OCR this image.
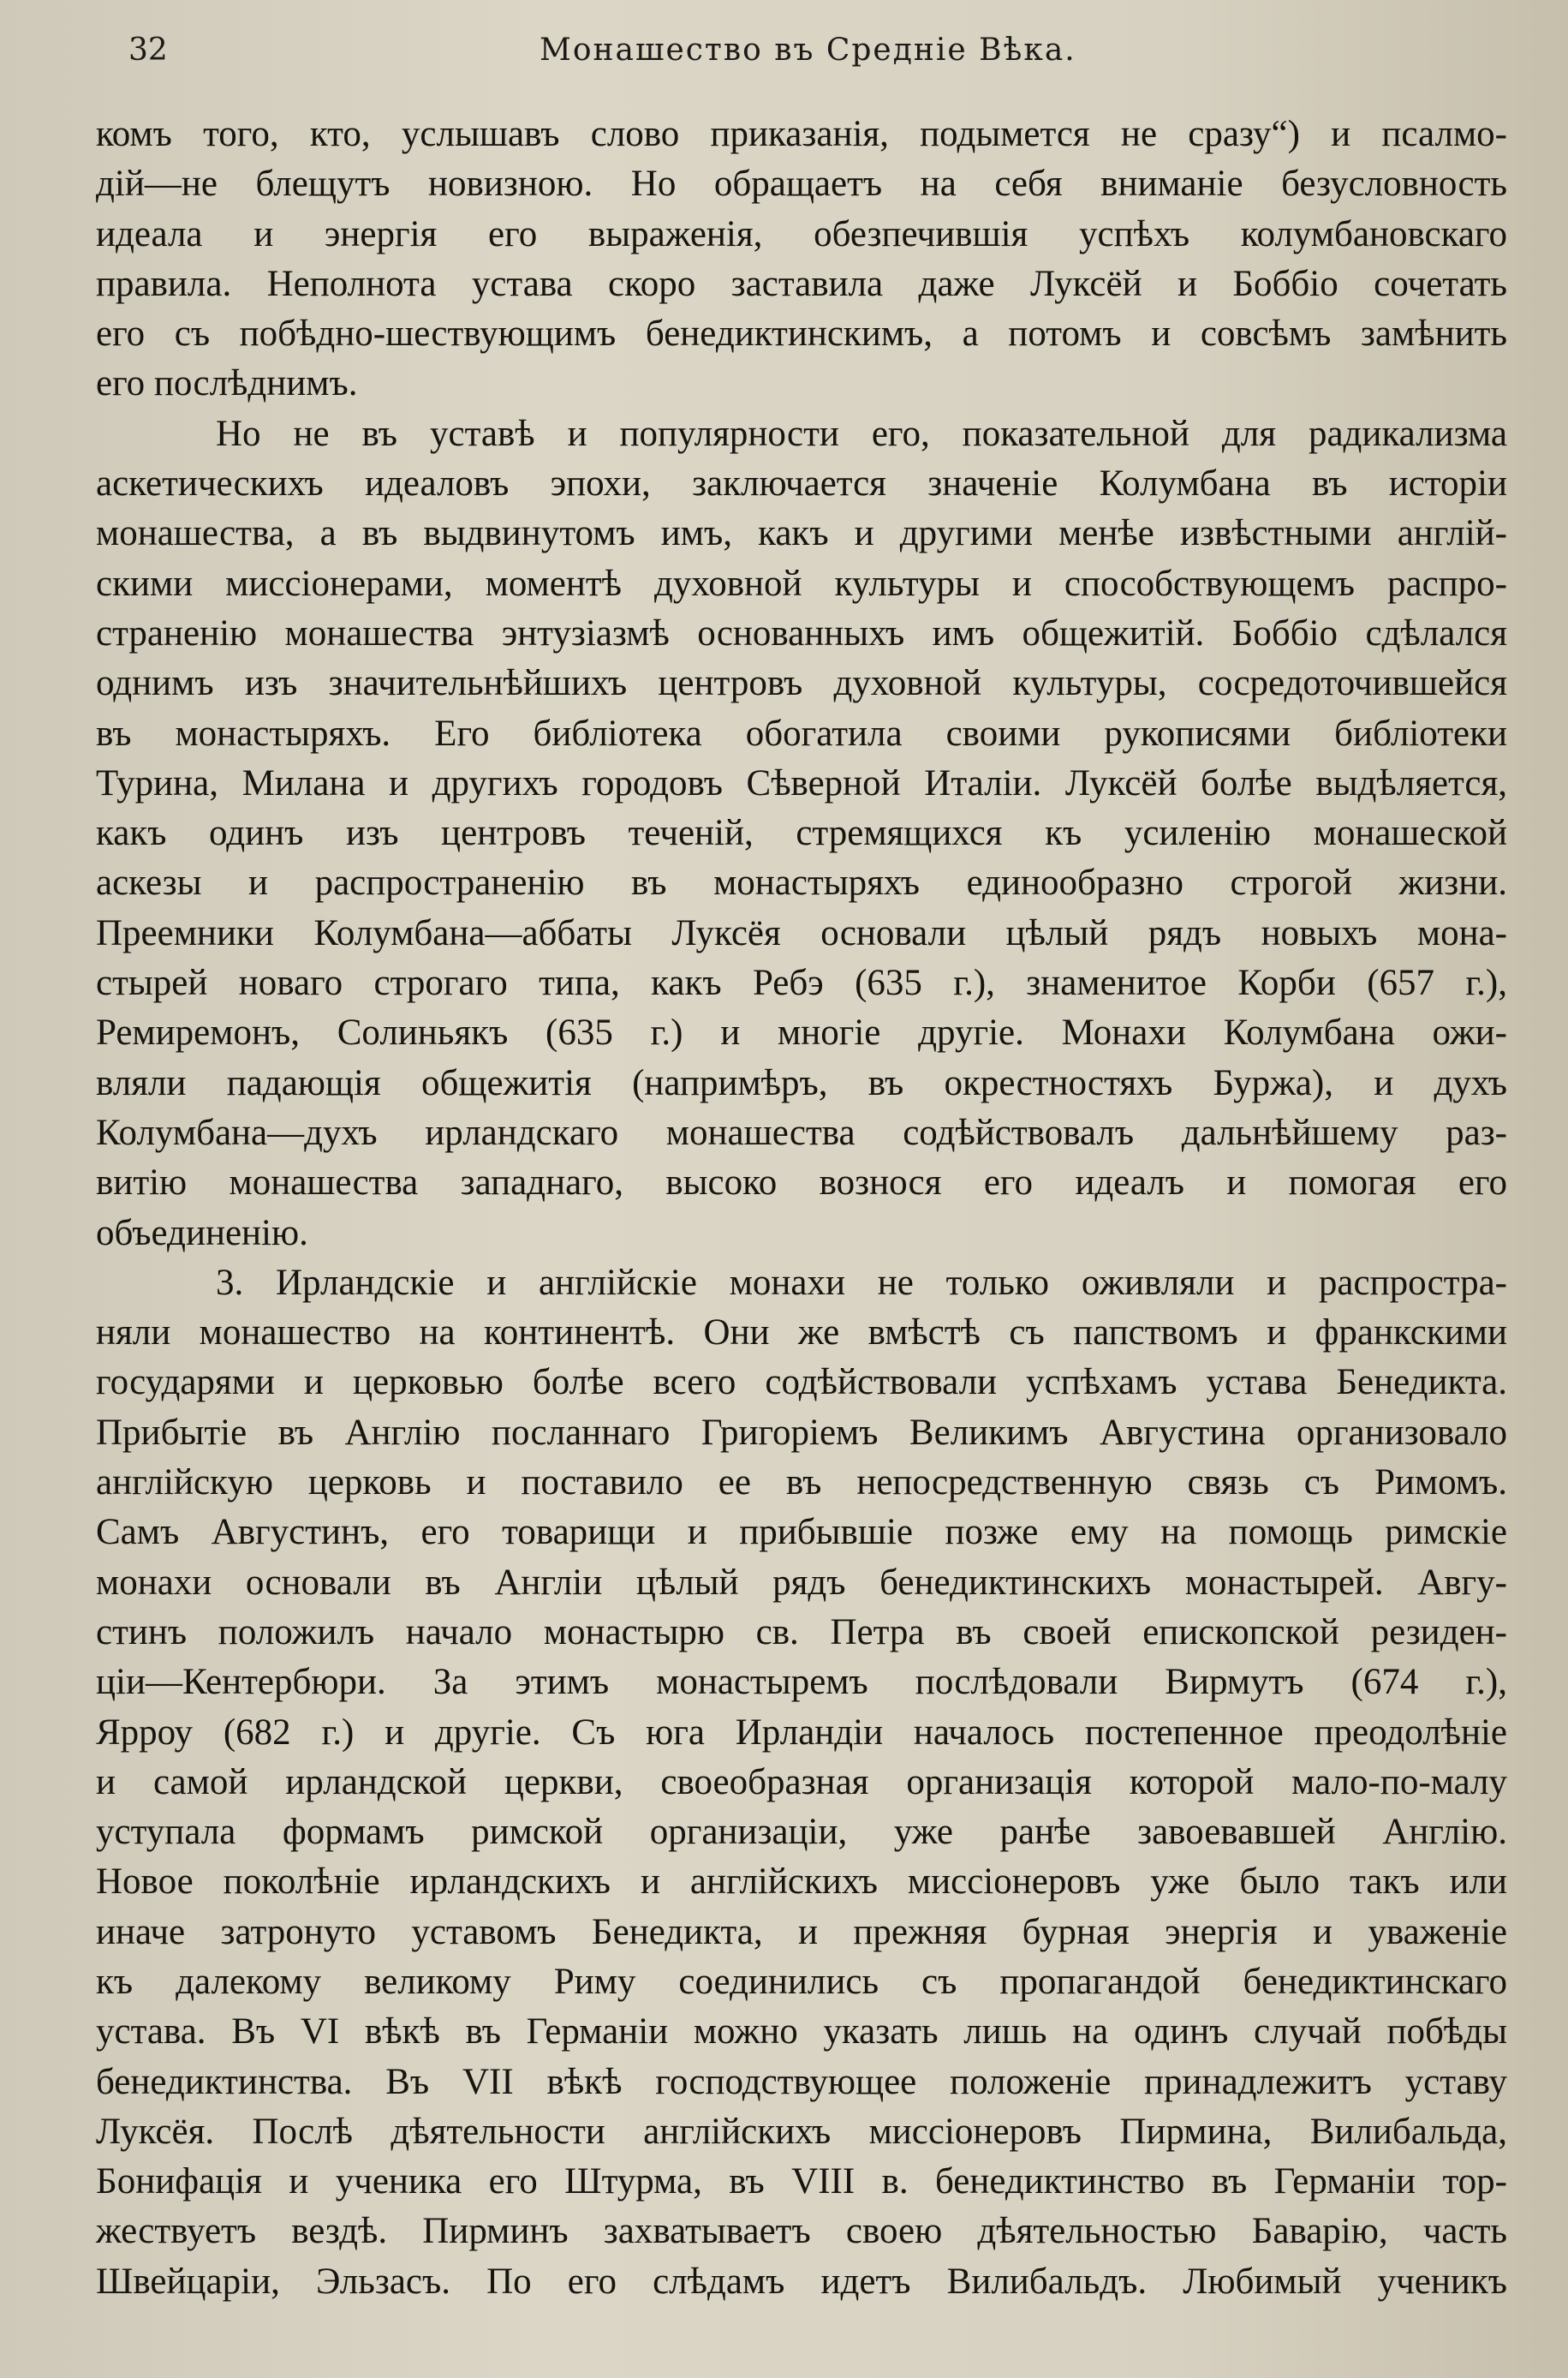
32	Монашество въ Средніе Вѣка.
комъ того, кто, услышавъ слово приказанія, подымется не сразу“) и псалмо-
дій—не блещутъ новизною. Но обращаетъ на себя вниманіе безусловность
идеала и энергія его выраженія, обезпечившія успѣхъ колумбановскаго
правила. Неполнота устава скоро заставила даже Луксёй и Боббіо сочетать
его съ побѣдно-шествующимъ бенедиктинскимъ, а потомъ и совсѣмъ замѣнить
его послѣднимъ.
Но не въ уставѣ и популярности его, показательной для радикализма
аскетическихъ идеаловъ эпохи, заключается значеніе Колумбана въ исторіи
монашества, а въ выдвинутомъ имъ, какъ и другими менѣе извѣстными англій-
скими миссіонерами, моментѣ духовной культуры и способствующемъ распро-
страненію монашества энтузіазмѣ основанныхъ имъ общежитій. Боббіо сдѣлался
однимъ изъ значительнѣйшихъ центровъ духовной культуры, сосредоточившейся
въ монастыряхъ. Его библіотека обогатила своими рукописями библіотеки
Турина, Милана и другихъ городовъ Сѣверной Италіи. Луксёй болѣе выдѣляется,
какъ одинъ изъ центровъ теченій, стремящихся къ усиленію монашеской
аскезы и распространенію въ монастыряхъ единообразно строгой жизни.
Преемники Колумбана—аббаты Луксёя основали цѣлый рядъ новыхъ мона-
стырей новаго строгаго типа, какъ Ребэ (635 г.), знаменитое Корби (657 г.),
Ремиремонъ, Солиньякъ (635 г.) и многіе другіе. Монахи Колумбана ожи-
вляли падающія общежитія (напримѣръ, въ окрестностяхъ Буржа), и духъ
Колумбана—духъ ирландскаго монашества содѣйствовалъ дальнѣйшему раз-
витію монашества западнаго, высоко вознося его идеалъ и помогая его
объединенію.
3. Ирландскіе и англійскіе монахи не только оживляли и распростра-
няли монашество на континентѣ. Они же вмѣстѣ съ папствомъ и франкскими
государями и церковью болѣе всего содѣйствовали успѣхамъ устава Бенедикта.
Прибытіе въ Англію посланнаго Григоріемъ Великимъ Августина организовало
англійскую церковь и поставило ее въ непосредственную связь съ Римомъ.
Самъ Августинъ, его товарищи и прибывшіе позже ему на помощь римскіе
монахи основали въ Англіи цѣлый рядъ бенедиктинскихъ монастырей. Авгу-
стинъ положилъ начало монастырю св. Петра въ своей епископской резиден-
ціи—Кентербюри. За этимъ монастыремъ послѣдовали Вирмутъ (674 г.),
Ярроу (682 г.) и другіе. Съ юга Ирландіи началось постепенное преодолѣніе
и самой ирландской церкви, своеобразная организація которой мало-по-малу
уступала формамъ римской организаціи, уже ранѣе завоевавшей Англію.
Новое поколѣніе ирландскихъ и англійскихъ миссіонеровъ уже было такъ или
иначе затронуто уставомъ Бенедикта, и прежняя бурная энергія и уваженіе
къ далекому великому Риму соединились съ пропагандой бенедиктинскаго
устава. Въ VI вѣкѣ въ Германіи можно указать лишь на одинъ случай побѣды
бенедиктинства. Въ VII вѣкѣ господствующее положеніе принадлежитъ уставу
Луксёя. Послѣ дѣятельности англійскихъ миссіонеровъ Пирмина, Вилибальда,
Бонифація и ученика его Штурма, въ VIII в. бенедиктинство въ Германіи тор-
жествуетъ вездѣ. Пирминъ захватываетъ своею дѣятельностью Баварію, часть
Швейцаріи, Эльзасъ. По его слѣдамъ идетъ Вилибальдъ. Любимый ученикъ
